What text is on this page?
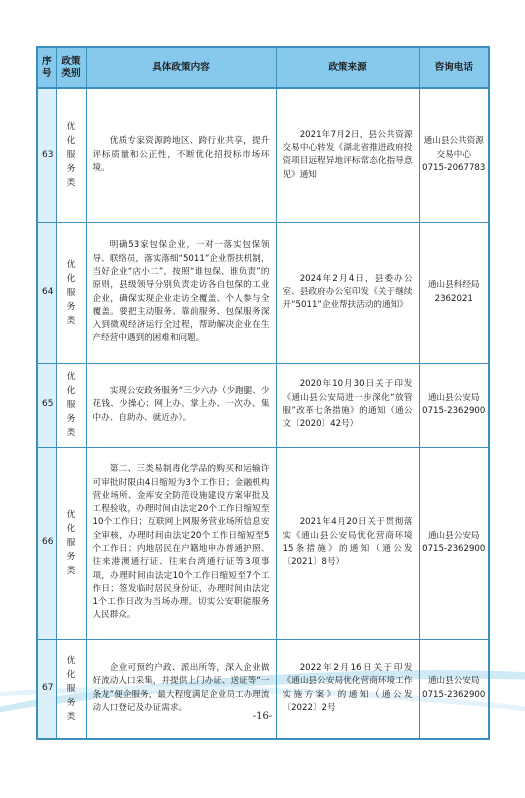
序号	政策类别	具体政策内容	政策来源	咨询电话
63	优化服务类	优质专家资源跨地区、跨行业共享，提升评标质量和公正性，不断优化招投标市场环境。	2021年7月2日，县公共资源交易中心转发《湖北省推进政府投资项目远程异地评标常态化指导意见》通知	通山县公共资源交易中心
0715-2067783

64	优化服务类	明确53家包保企业，一对一落实包保领导、联络员，落实落细“5011”企业帮扶机制，当好企业“店小二”，按照“谁包保、谁负责”的原则，县级领导分别负责走访各自包保的工业企业，确保实现企业走访全覆盖、个人参与全覆盖。要把主动服务、靠前服务、包保服务深入到微观经济运行全过程，帮助解决企业在生产经营中遇到的困难和问题。	2024年2月4日，县委办公室、县政府办公室印发《关于继续开“5011”企业帮扶活动的通知》	通山县科经局
2362021

65	优化服务类	实现公安政务服务“三少六办（少跑腿、少花钱、少操心；网上办、掌上办、一次办、集中办、自助办、就近办）。	2020年10月30日关于印发《通山县公安局进一步深化“放管服”改革七条措施》的通知（通公文〔2020〕42号）	通山县公安局
0715-2362900

66	优化服务类	第二、三类易制毒化学品的购买和运输许可审批时限由4日缩短为3个工作日；金融机构营业场所、金库安全防范设施建设方案审批及工程验收，办理时间由法定20个工作日缩短至10个工作日；互联网上网服务营业场所信息安全审核，办理时间由法定20个工作日缩短至5个工作日；内地居民在户籍地申办普通护照、往来港澳通行证、往来台湾通行证等3项事项，办理时间由法定10个工作日缩短至7个工作日；签发临时居民身份证，办理时间由法定1个工作日改为当场办理。切实公安职能服务人民群众。	2021年4月20日关于贯彻落实《通山县公安局优化营商环境15条措施》的通知（通公发〔2021〕8号）	通山县公安局
0715-2362900

67	优化服务类	企业可预约户政、派出所等，深入企业做好流动人口采集，并提供上门办证、送证等“一条龙”便企服务，最大程度满足企业员工办理流动人口登记及办证需求。	2022年2月16日关于印发《通山县公安局优化营商环境工作实施方案》的通知（通公发〔2022〕2号	通山县公安局
0715-2362900
-16-
